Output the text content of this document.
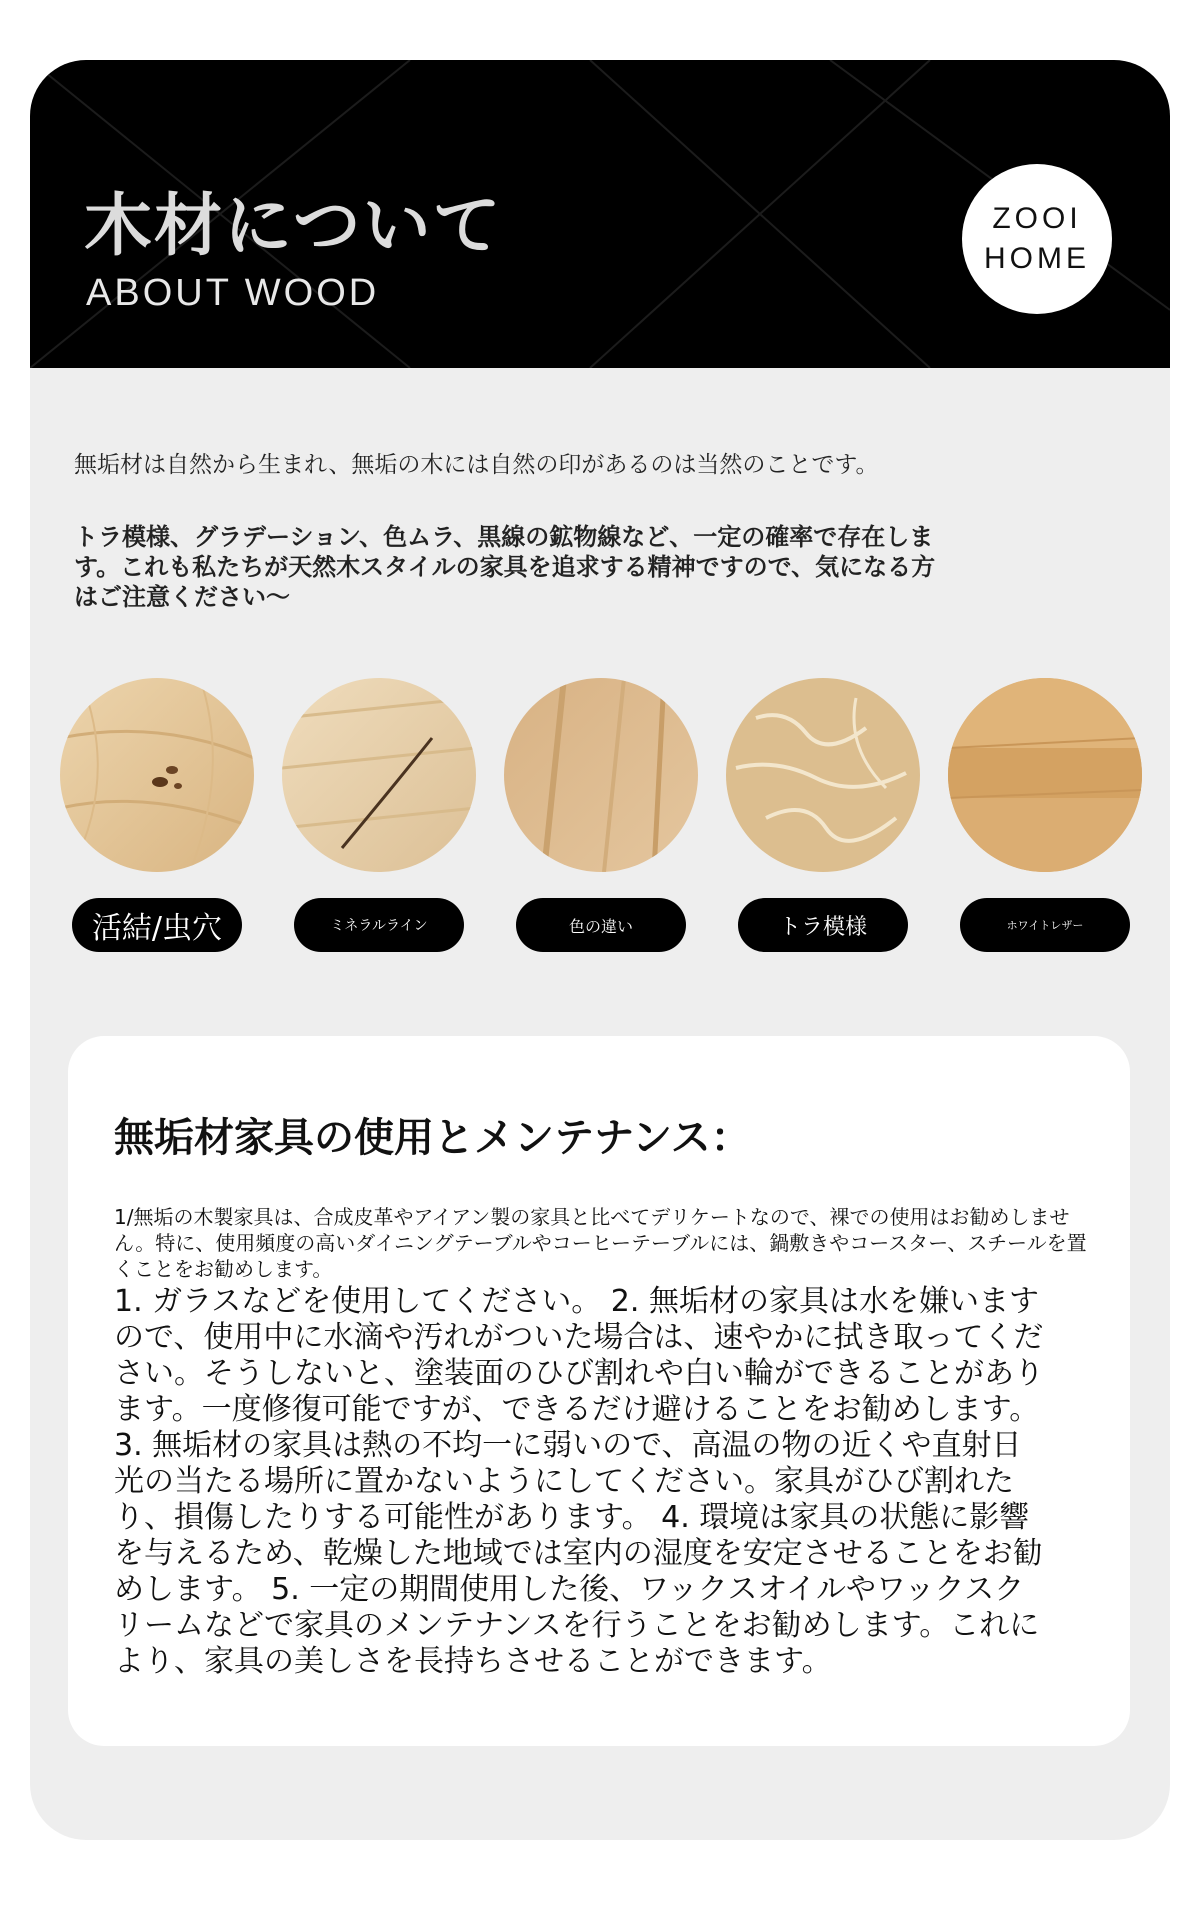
木材について
ABOUT WOOD
ZOOI
HOME
無垢材は自然から生まれ、無垢の木には自然の印があるのは当然のことです。
トラ模様、グラデーション、色ムラ、黒線の鉱物線など、一定の確率で存在します。これも私たちが天然木スタイルの家具を追求する精神ですので、気になる方はご注意ください～
活結/虫穴	ミネラルライン	色の違い	トラ模様	ホワイトレザー
無垢材家具の使用とメンテナンス：
1/無垢の木製家具は、合成皮革やアイアン製の家具と比べてデリケートなので、裸での使用はお勧めしません。特に、使用頻度の高いダイニングテーブルやコーヒーテーブルには、鍋敷きやコースター、スチールを置くことをお勧めします。
1. ガラスなどを使用してください。 2. 無垢材の家具は水を嫌いますので、使用中に水滴や汚れがついた場合は、速やかに拭き取ってください。そうしないと、塗装面のひび割れや白い輪ができることがあります。一度修復可能ですが、できるだけ避けることをお勧めします。 3. 無垢材の家具は熱の不均一に弱いので、高温の物の近くや直射日光の当たる場所に置かないようにしてください。家具がひび割れたり、損傷したりする可能性があります。 4. 環境は家具の状態に影響を与えるため、乾燥した地域では室内の湿度を安定させることをお勧めします。 5. 一定の期間使用した後、ワックスオイルやワックスクリームなどで家具のメンテナンスを行うことをお勧めします。これにより、家具の美しさを長持ちさせることができます。
